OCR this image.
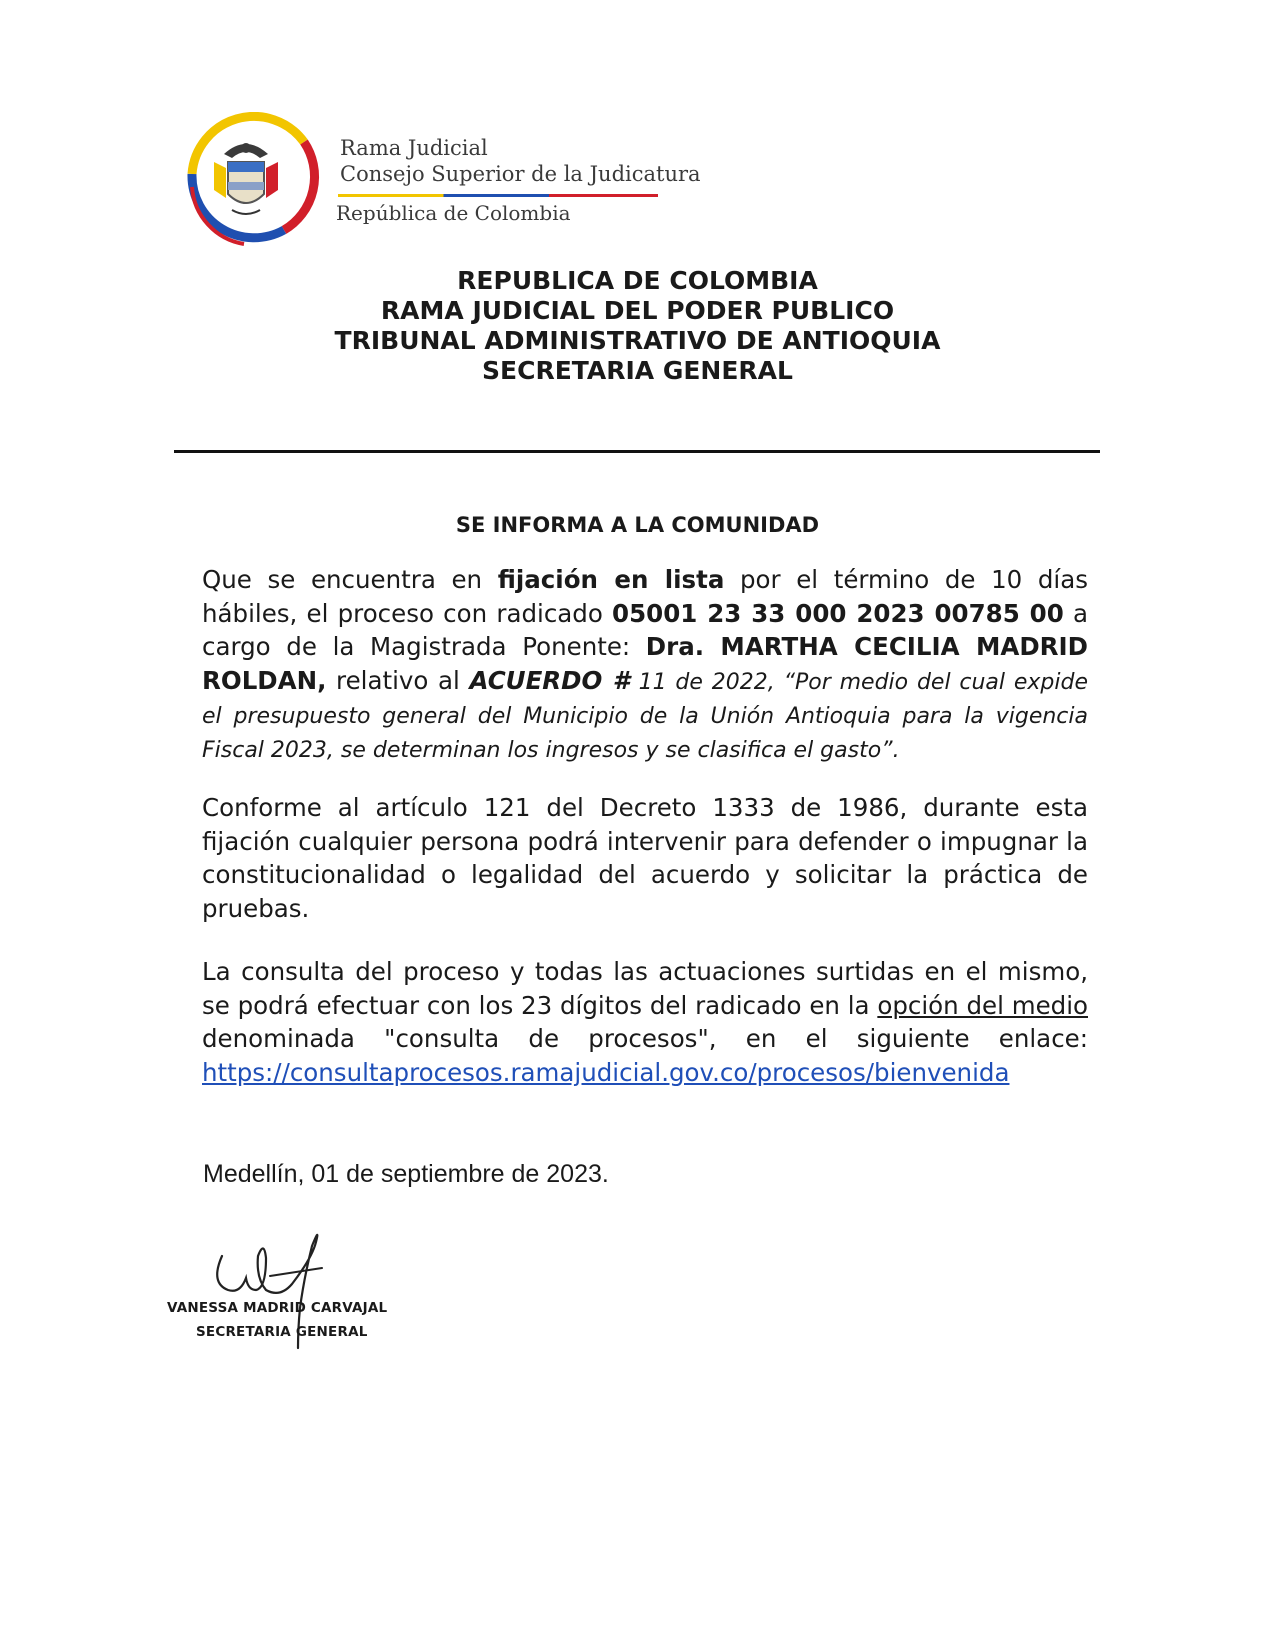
Rama Judicial
Consejo Superior de la Judicatura
República de Colombia
REPUBLICA DE COLOMBIA
RAMA JUDICIAL DEL PODER PUBLICO
TRIBUNAL ADMINISTRATIVO DE ANTIOQUIA
SECRETARIA GENERAL
SE INFORMA A LA COMUNIDAD
Que se encuentra en fijación en lista por el término de 10 días hábiles, el proceso con radicado 05001 23 33 000 2023 00785 00 a cargo de la Magistrada Ponente: Dra. MARTHA CECILIA MADRID ROLDAN, relativo al ACUERDO # 11 de 2022, “Por medio del cual expide el presupuesto general del Municipio de la Unión Antioquia para la vigencia Fiscal 2023, se determinan los ingresos y se clasifica el gasto”.
Conforme al artículo 121 del Decreto 1333 de 1986, durante esta fijación cualquier persona podrá intervenir para defender o impugnar la constitucionalidad o legalidad del acuerdo y solicitar la práctica de pruebas.
La consulta del proceso y todas las actuaciones surtidas en el mismo, se podrá efectuar con los 23 dígitos del radicado en la opción del medio denominada "consulta de procesos", en el siguiente enlace: https://consultaprocesos.ramajudicial.gov.co/procesos/bienvenida
Medellín, 01 de septiembre de 2023.
VANESSA MADRID CARVAJAL
SECRETARIA GENERAL
